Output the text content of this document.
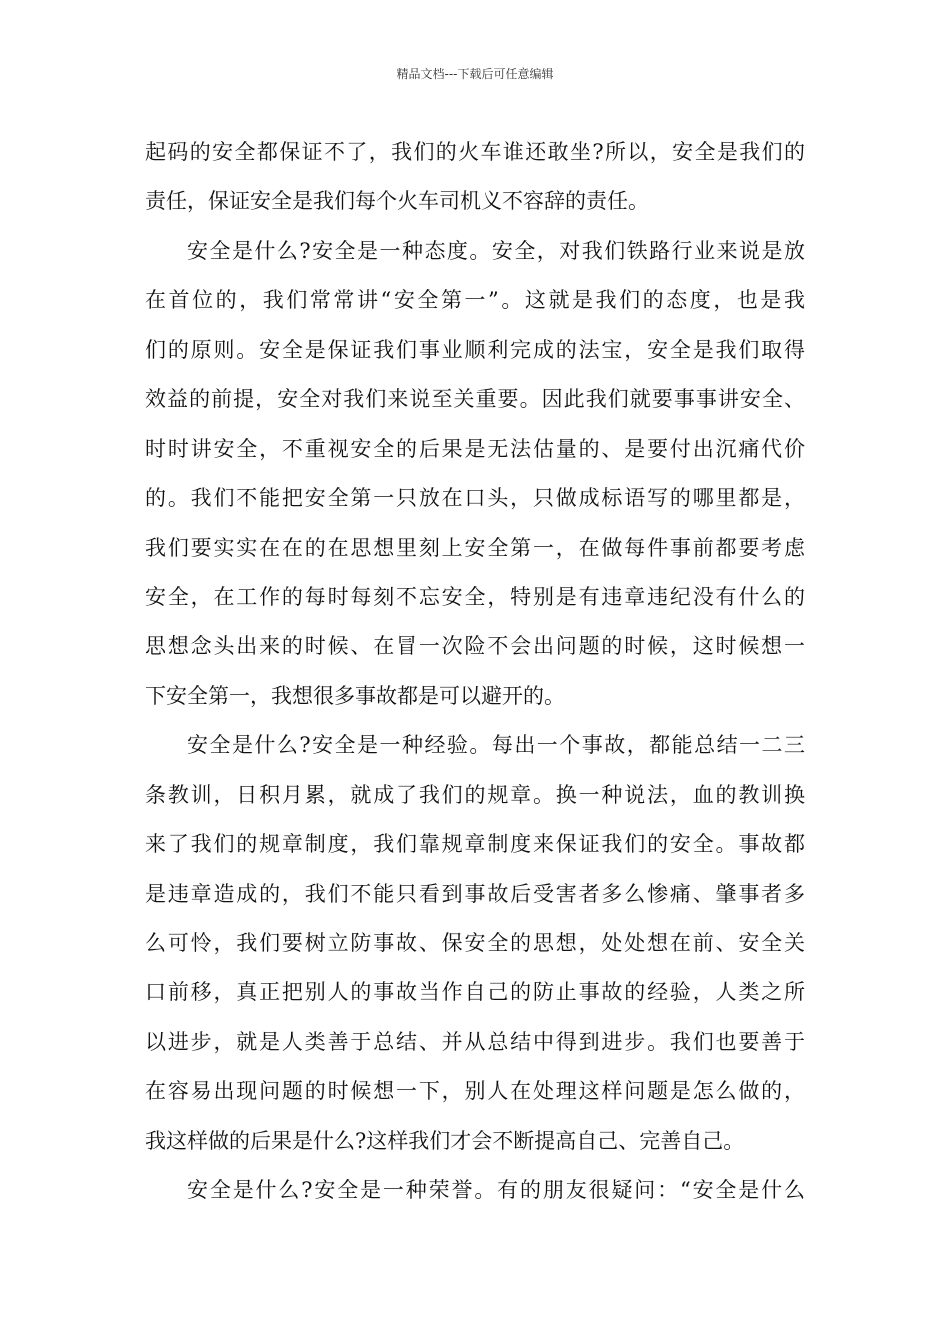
精品文档---下载后可任意编辑
起码的安全都保证不了，我们的火车谁还敢坐?所以，安全是我们的
责任，保证安全是我们每个火车司机义不容辞的责任。
安全是什么?安全是一种态度。安全，对我们铁路行业来说是放
在首位的，我们常常讲“安全第一”。这就是我们的态度，也是我
们的原则。安全是保证我们事业顺利完成的法宝，安全是我们取得
效益的前提，安全对我们来说至关重要。因此我们就要事事讲安全、
时时讲安全，不重视安全的后果是无法估量的、是要付出沉痛代价
的。我们不能把安全第一只放在口头，只做成标语写的哪里都是，
我们要实实在在的在思想里刻上安全第一，在做每件事前都要考虑
安全，在工作的每时每刻不忘安全，特别是有违章违纪没有什么的
思想念头出来的时候、在冒一次险不会出问题的时候，这时候想一
下安全第一，我想很多事故都是可以避开的。
安全是什么?安全是一种经验。每出一个事故，都能总结一二三
条教训，日积月累，就成了我们的规章。换一种说法，血的教训换
来了我们的规章制度，我们靠规章制度来保证我们的安全。事故都
是违章造成的，我们不能只看到事故后受害者多么惨痛、肇事者多
么可怜，我们要树立防事故、保安全的思想，处处想在前、安全关
口前移，真正把别人的事故当作自己的防止事故的经验，人类之所
以进步，就是人类善于总结、并从总结中得到进步。我们也要善于
在容易出现问题的时候想一下，别人在处理这样问题是怎么做的，
我这样做的后果是什么?这样我们才会不断提高自己、完善自己。
安全是什么?安全是一种荣誉。有的朋友很疑问：“安全是什么
